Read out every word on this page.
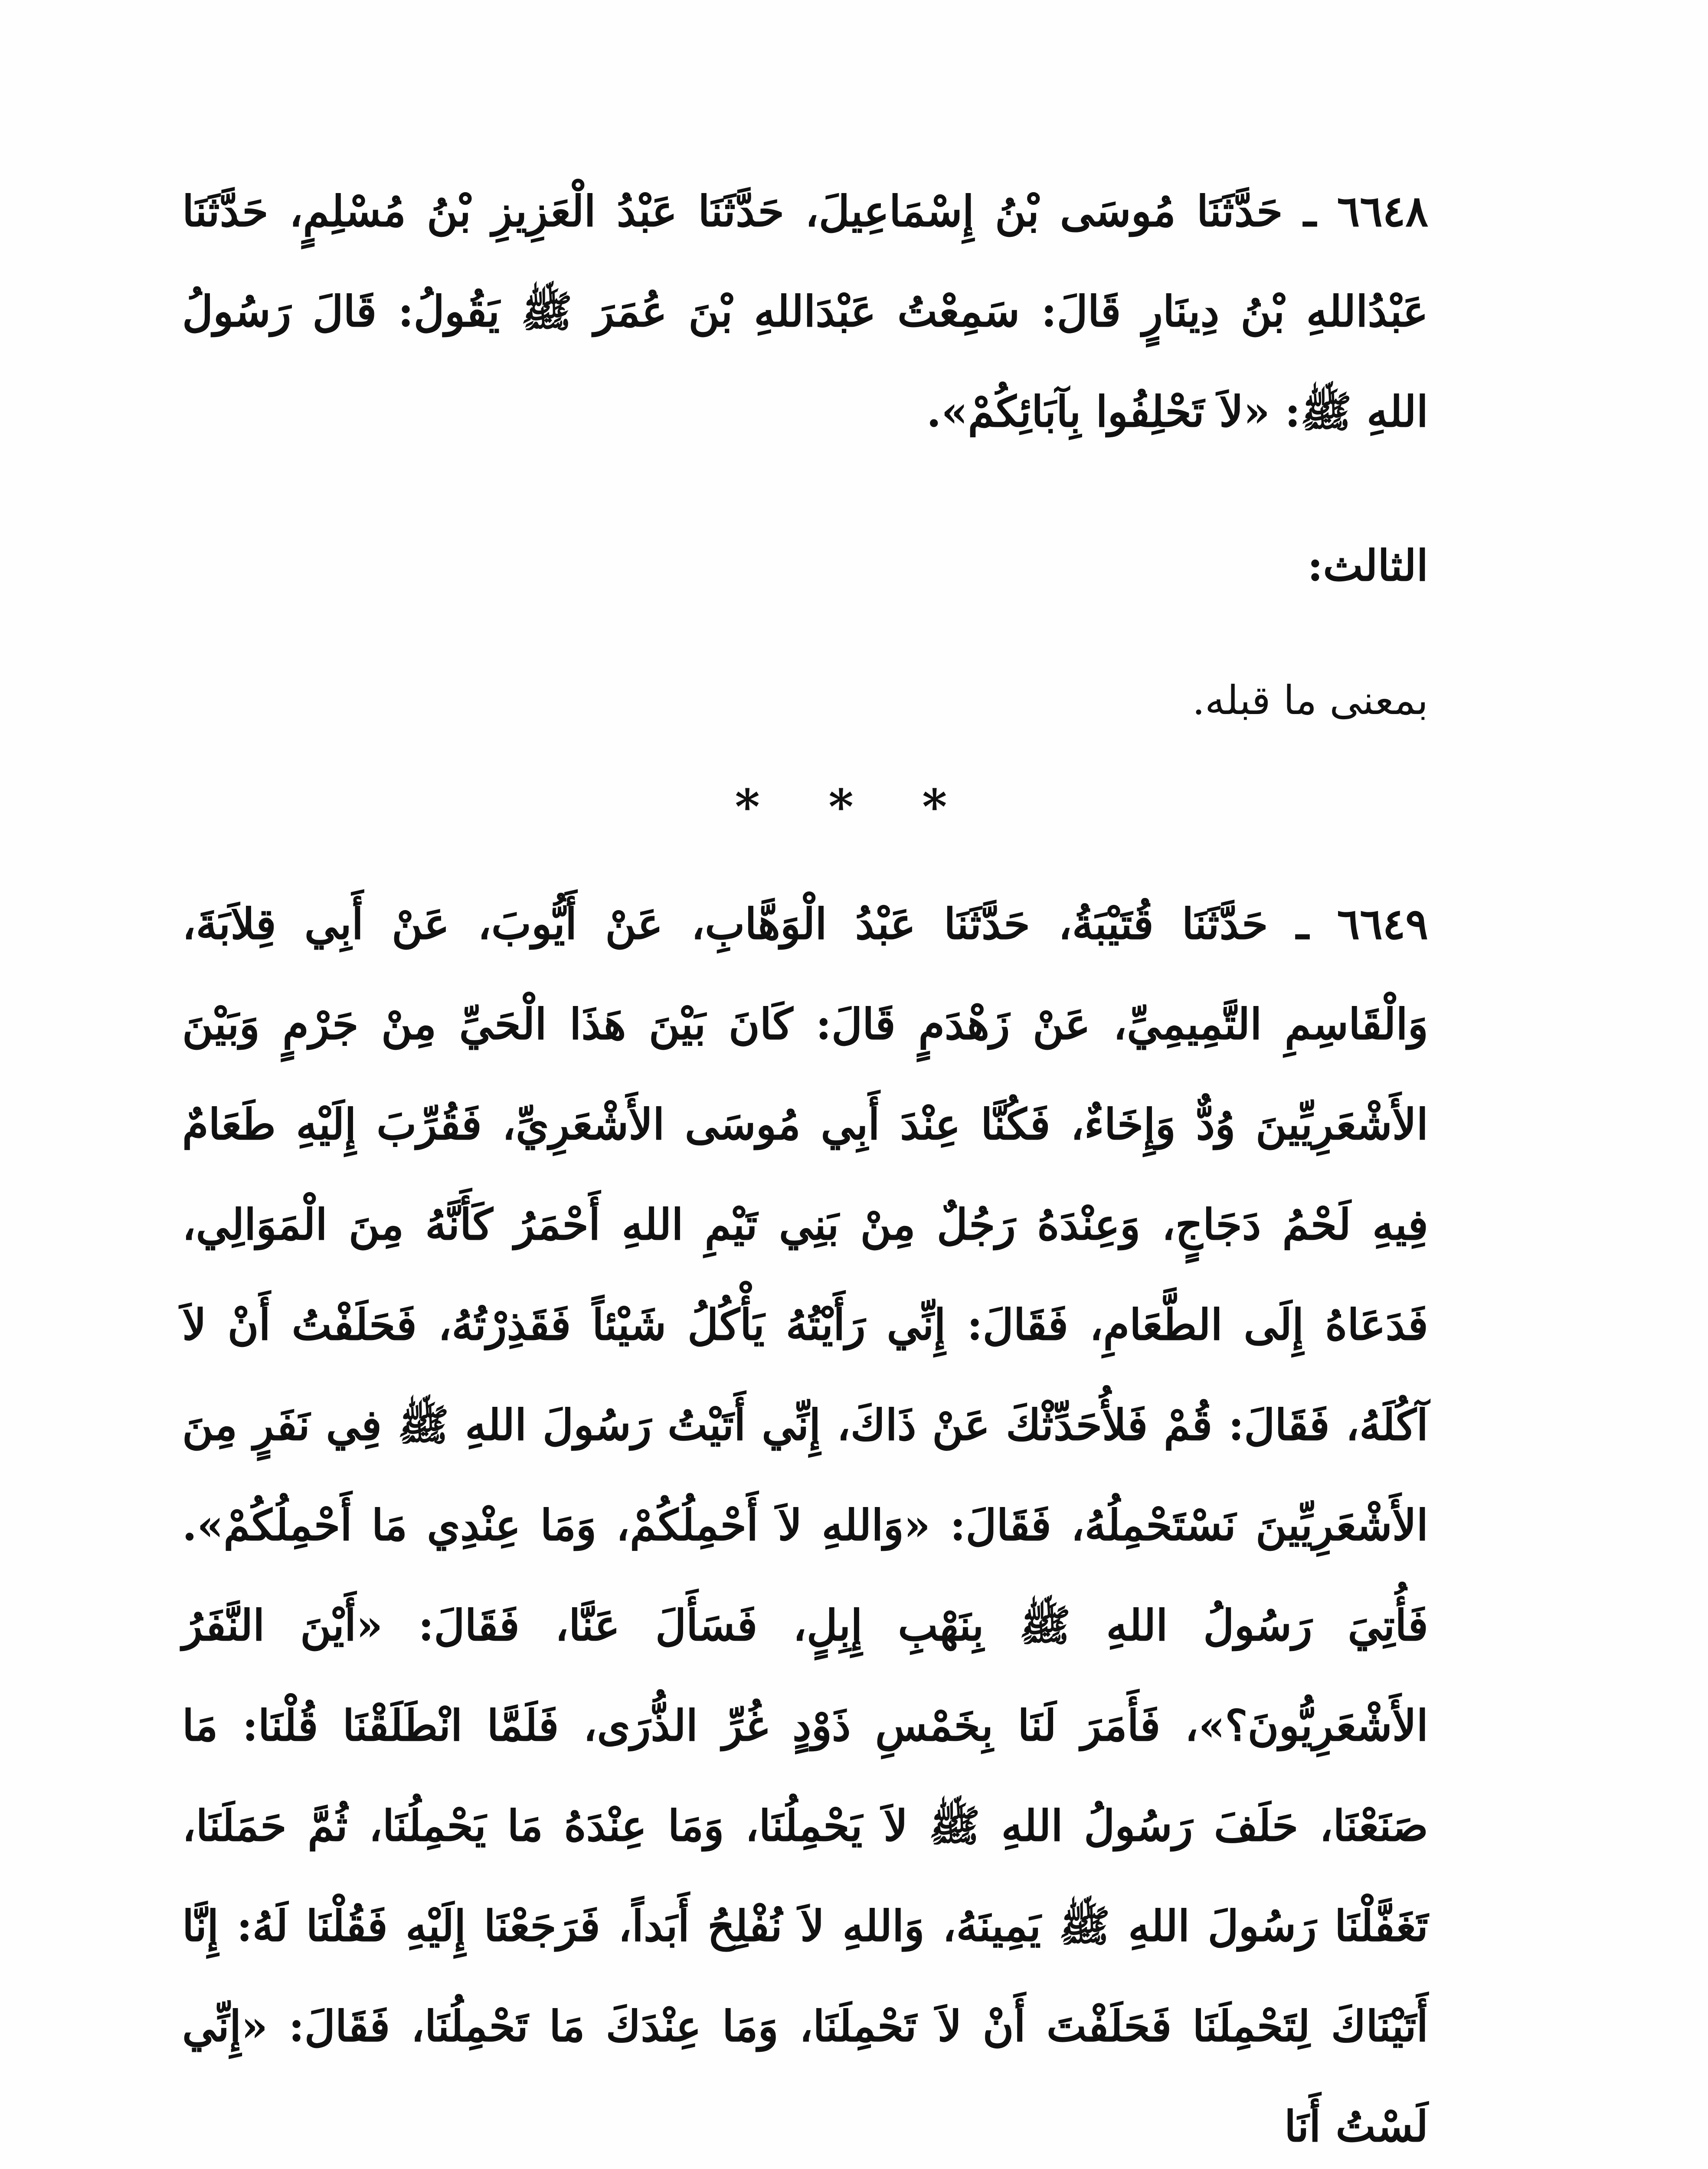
٦٦٤٨ ـ حَدَّثَنَا مُوسَى بْنُ إِسْمَاعِيلَ، حَدَّثَنَا عَبْدُ الْعَزِيزِ بْنُ مُسْلِمٍ، حَدَّثَنَا عَبْدُاللهِ بْنُ دِينَارٍ قَالَ: سَمِعْتُ عَبْدَاللهِ بْنَ عُمَرَ ﷺ يَقُولُ: قَالَ رَسُولُ اللهِ ﷺ: «لاَ تَحْلِفُوا بِآبَائِكُمْ».

الثالث:
بمعنى ما قبله.
* * *

٦٦٤٩ ـ حَدَّثَنَا قُتَيْبَةُ، حَدَّثَنَا عَبْدُ الْوَهَّابِ، عَنْ أَيُّوبَ، عَنْ أَبِي قِلاَبَةَ، وَالْقَاسِمِ التَّمِيمِيِّ، عَنْ زَهْدَمٍ قَالَ: كَانَ بَيْنَ هَذَا الْحَيِّ مِنْ جَرْمٍ وَبَيْنَ الأَشْعَرِيِّينَ وُدٌّ وَإِخَاءٌ، فَكُنَّا عِنْدَ أَبِي مُوسَى الأَشْعَرِيِّ، فَقُرِّبَ إِلَيْهِ طَعَامٌ فِيهِ لَحْمُ دَجَاجٍ، وَعِنْدَهُ رَجُلٌ مِنْ بَنِي تَيْمِ اللهِ أَحْمَرُ كَأَنَّهُ مِنَ الْمَوَالِي، فَدَعَاهُ إِلَى الطَّعَامِ، فَقَالَ: إِنِّي رَأَيْتُهُ يَأْكُلُ شَيْئاً فَقَذِرْتُهُ، فَحَلَفْتُ أَنْ لاَ آكُلَهُ، فَقَالَ: قُمْ فَلأُحَدِّثْكَ عَنْ ذَاكَ، إِنِّي أَتَيْتُ رَسُولَ اللهِ ﷺ فِي نَفَرٍ مِنَ الأَشْعَرِيِّينَ نَسْتَحْمِلُهُ، فَقَالَ: «وَاللهِ لاَ أَحْمِلُكُمْ، وَمَا عِنْدِي مَا أَحْمِلُكُمْ». فَأُتِيَ رَسُولُ اللهِ ﷺ بِنَهْبِ إِبِلٍ، فَسَأَلَ عَنَّا، فَقَالَ: «أَيْنَ النَّفَرُ الأَشْعَرِيُّونَ؟»، فَأَمَرَ لَنَا بِخَمْسِ ذَوْدٍ غُرِّ الذُّرَى، فَلَمَّا انْطَلَقْنَا قُلْنَا: مَا صَنَعْنَا، حَلَفَ رَسُولُ اللهِ ﷺ لاَ يَحْمِلُنَا، وَمَا عِنْدَهُ مَا يَحْمِلُنَا، ثُمَّ حَمَلَنَا، تَغَفَّلْنَا رَسُولَ اللهِ ﷺ يَمِينَهُ، وَاللهِ لاَ نُفْلِحُ أَبَداً، فَرَجَعْنَا إِلَيْهِ فَقُلْنَا لَهُ: إِنَّا أَتَيْنَاكَ لِتَحْمِلَنَا فَحَلَفْتَ أَنْ لاَ تَحْمِلَنَا، وَمَا عِنْدَكَ مَا تَحْمِلُنَا، فَقَالَ: «إِنِّي لَسْتُ أَنَا
